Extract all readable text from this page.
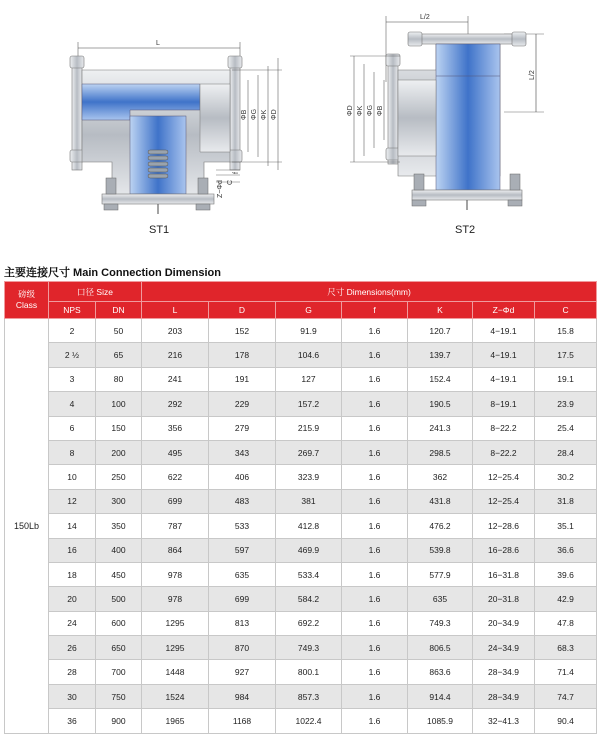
L
ΦB ΦG ΦK ΦD
Z−Φd C
f
L/2
L/2
ΦD ΦK ΦG ΦB
ST1	ST2
主要连接尺寸 Main Connection Dimension
磅级
Class	口径 Size		尺寸 Dimensions(mm)						
	NPS	DN	L	D	G	f	K	Z−Φd	C
150Lb	2	50	203	152	91.9	1.6	120.7	4−19.1	15.8
	2 ½	65	216	178	104.6	1.6	139.7	4−19.1	17.5
	3	80	241	191	127	1.6	152.4	4−19.1	19.1
	4	100	292	229	157.2	1.6	190.5	8−19.1	23.9
	6	150	356	279	215.9	1.6	241.3	8−22.2	25.4
	8	200	495	343	269.7	1.6	298.5	8−22.2	28.4
	10	250	622	406	323.9	1.6	362	12−25.4	30.2
	12	300	699	483	381	1.6	431.8	12−25.4	31.8
	14	350	787	533	412.8	1.6	476.2	12−28.6	35.1
	16	400	864	597	469.9	1.6	539.8	16−28.6	36.6
	18	450	978	635	533.4	1.6	577.9	16−31.8	39.6
	20	500	978	699	584.2	1.6	635	20−31.8	42.9
	24	600	1295	813	692.2	1.6	749.3	20−34.9	47.8
	26	650	1295	870	749.3	1.6	806.5	24−34.9	68.3
	28	700	1448	927	800.1	1.6	863.6	28−34.9	71.4
	30	750	1524	984	857.3	1.6	914.4	28−34.9	74.7
	36	900	1965	1168	1022.4	1.6	1085.9	32−41.3	90.4
